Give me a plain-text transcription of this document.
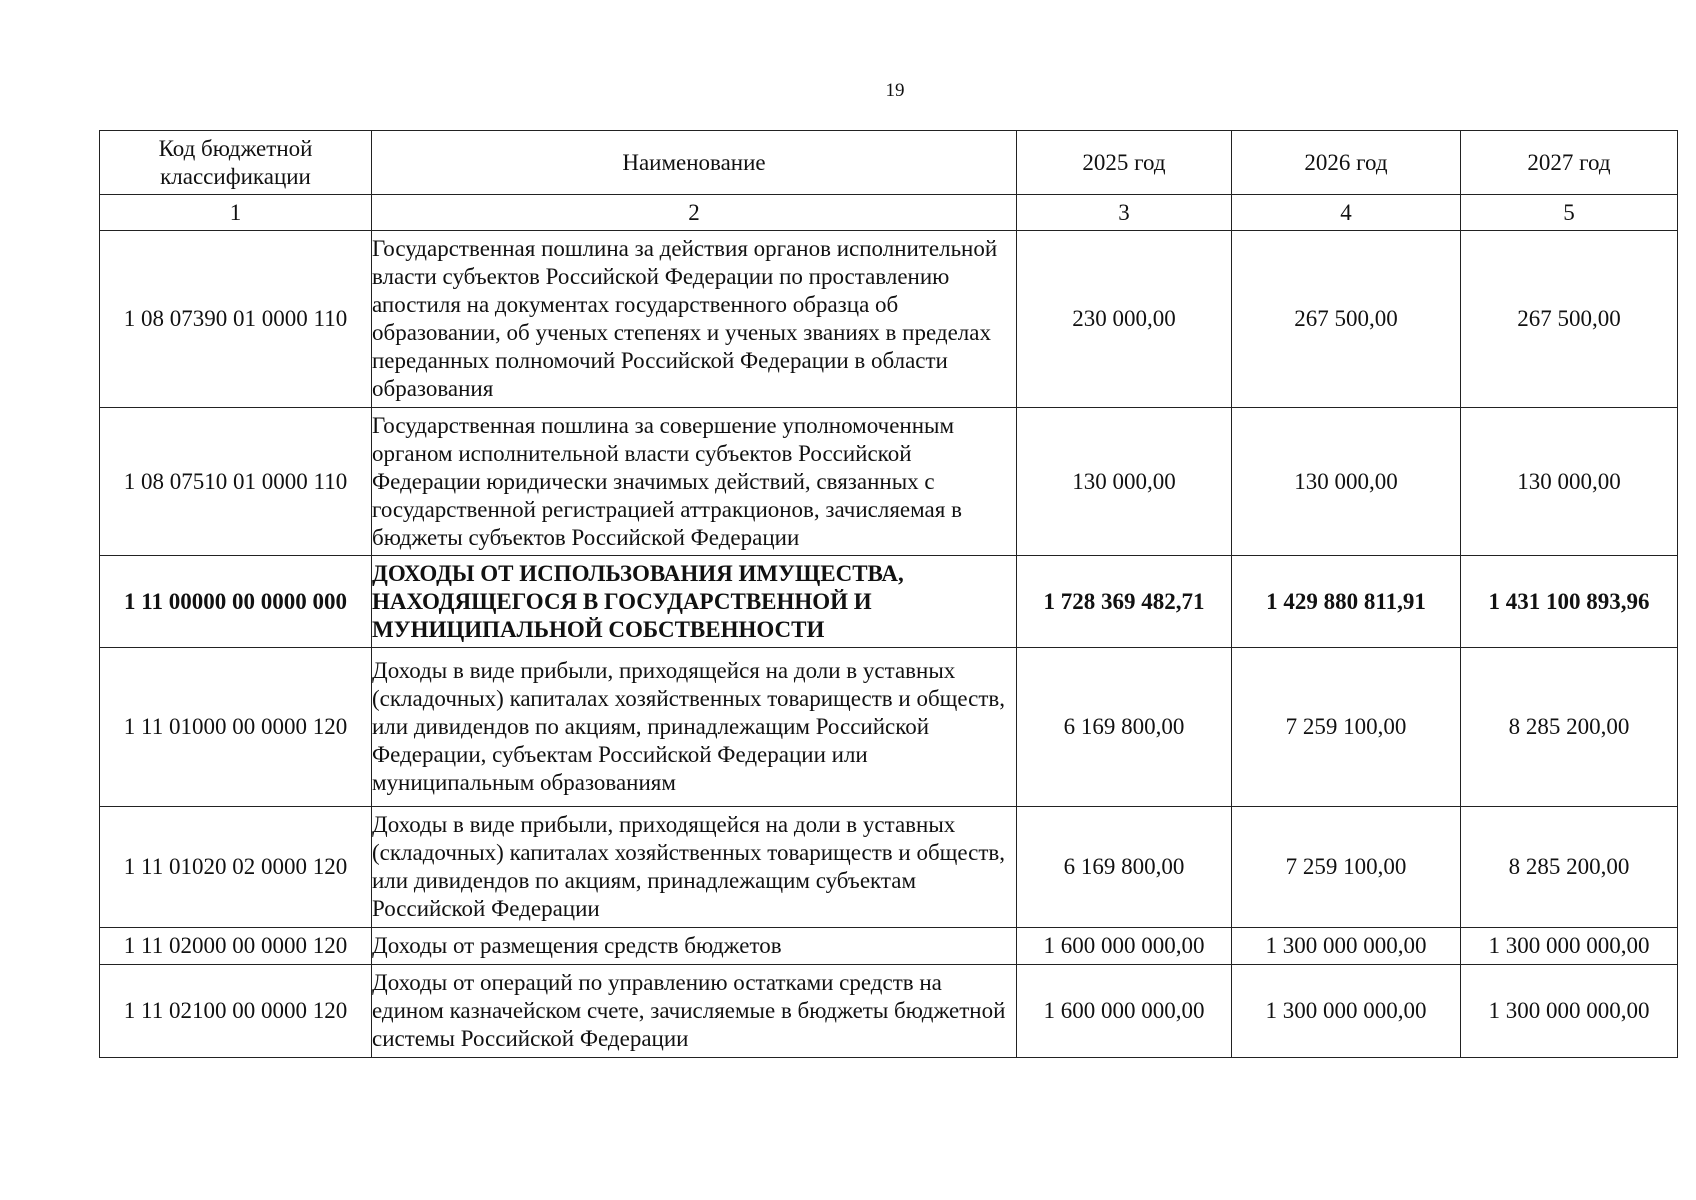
19
Код бюджетной классификации	Наименование	2025 год	2026 год	2027 год
1	2	3	4	5
1 08 07390 01 0000 110	Государственная пошлина за действия органов исполнительной власти субъектов Российской Федерации по проставлению апостиля на документах государственного образца об образовании, об ученых степенях и ученых званиях в пределах переданных полномочий Российской Федерации в области образования	230 000,00	267 500,00	267 500,00
1 08 07510 01 0000 110	Государственная пошлина за совершение уполномоченным органом исполнительной власти субъектов Российской Федерации юридически значимых действий, связанных с государственной регистрацией аттракционов, зачисляемая в бюджеты субъектов Российской Федерации	130 000,00	130 000,00	130 000,00
1 11 00000 00 0000 000	ДОХОДЫ ОТ ИСПОЛЬЗОВАНИЯ ИМУЩЕСТВА, НАХОДЯЩЕГОСЯ В ГОСУДАРСТВЕННОЙ И МУНИЦИПАЛЬНОЙ СОБСТВЕННОСТИ	1 728 369 482,71	1 429 880 811,91	1 431 100 893,96
1 11 01000 00 0000 120	Доходы в виде прибыли, приходящейся на доли в уставных (складочных) капиталах хозяйственных товариществ и обществ, или дивидендов по акциям, принадлежащим Российской Федерации, субъектам Российской Федерации или муниципальным образованиям	6 169 800,00	7 259 100,00	8 285 200,00
1 11 01020 02 0000 120	Доходы в виде прибыли, приходящейся на доли в уставных (складочных) капиталах хозяйственных товариществ и обществ, или дивидендов по акциям, принадлежащим субъектам Российской Федерации	6 169 800,00	7 259 100,00	8 285 200,00
1 11 02000 00 0000 120	Доходы от размещения средств бюджетов	1 600 000 000,00	1 300 000 000,00	1 300 000 000,00
1 11 02100 00 0000 120	Доходы от операций по управлению остатками средств на едином казначейском счете, зачисляемые в бюджеты бюджетной системы Российской Федерации	1 600 000 000,00	1 300 000 000,00	1 300 000 000,00
